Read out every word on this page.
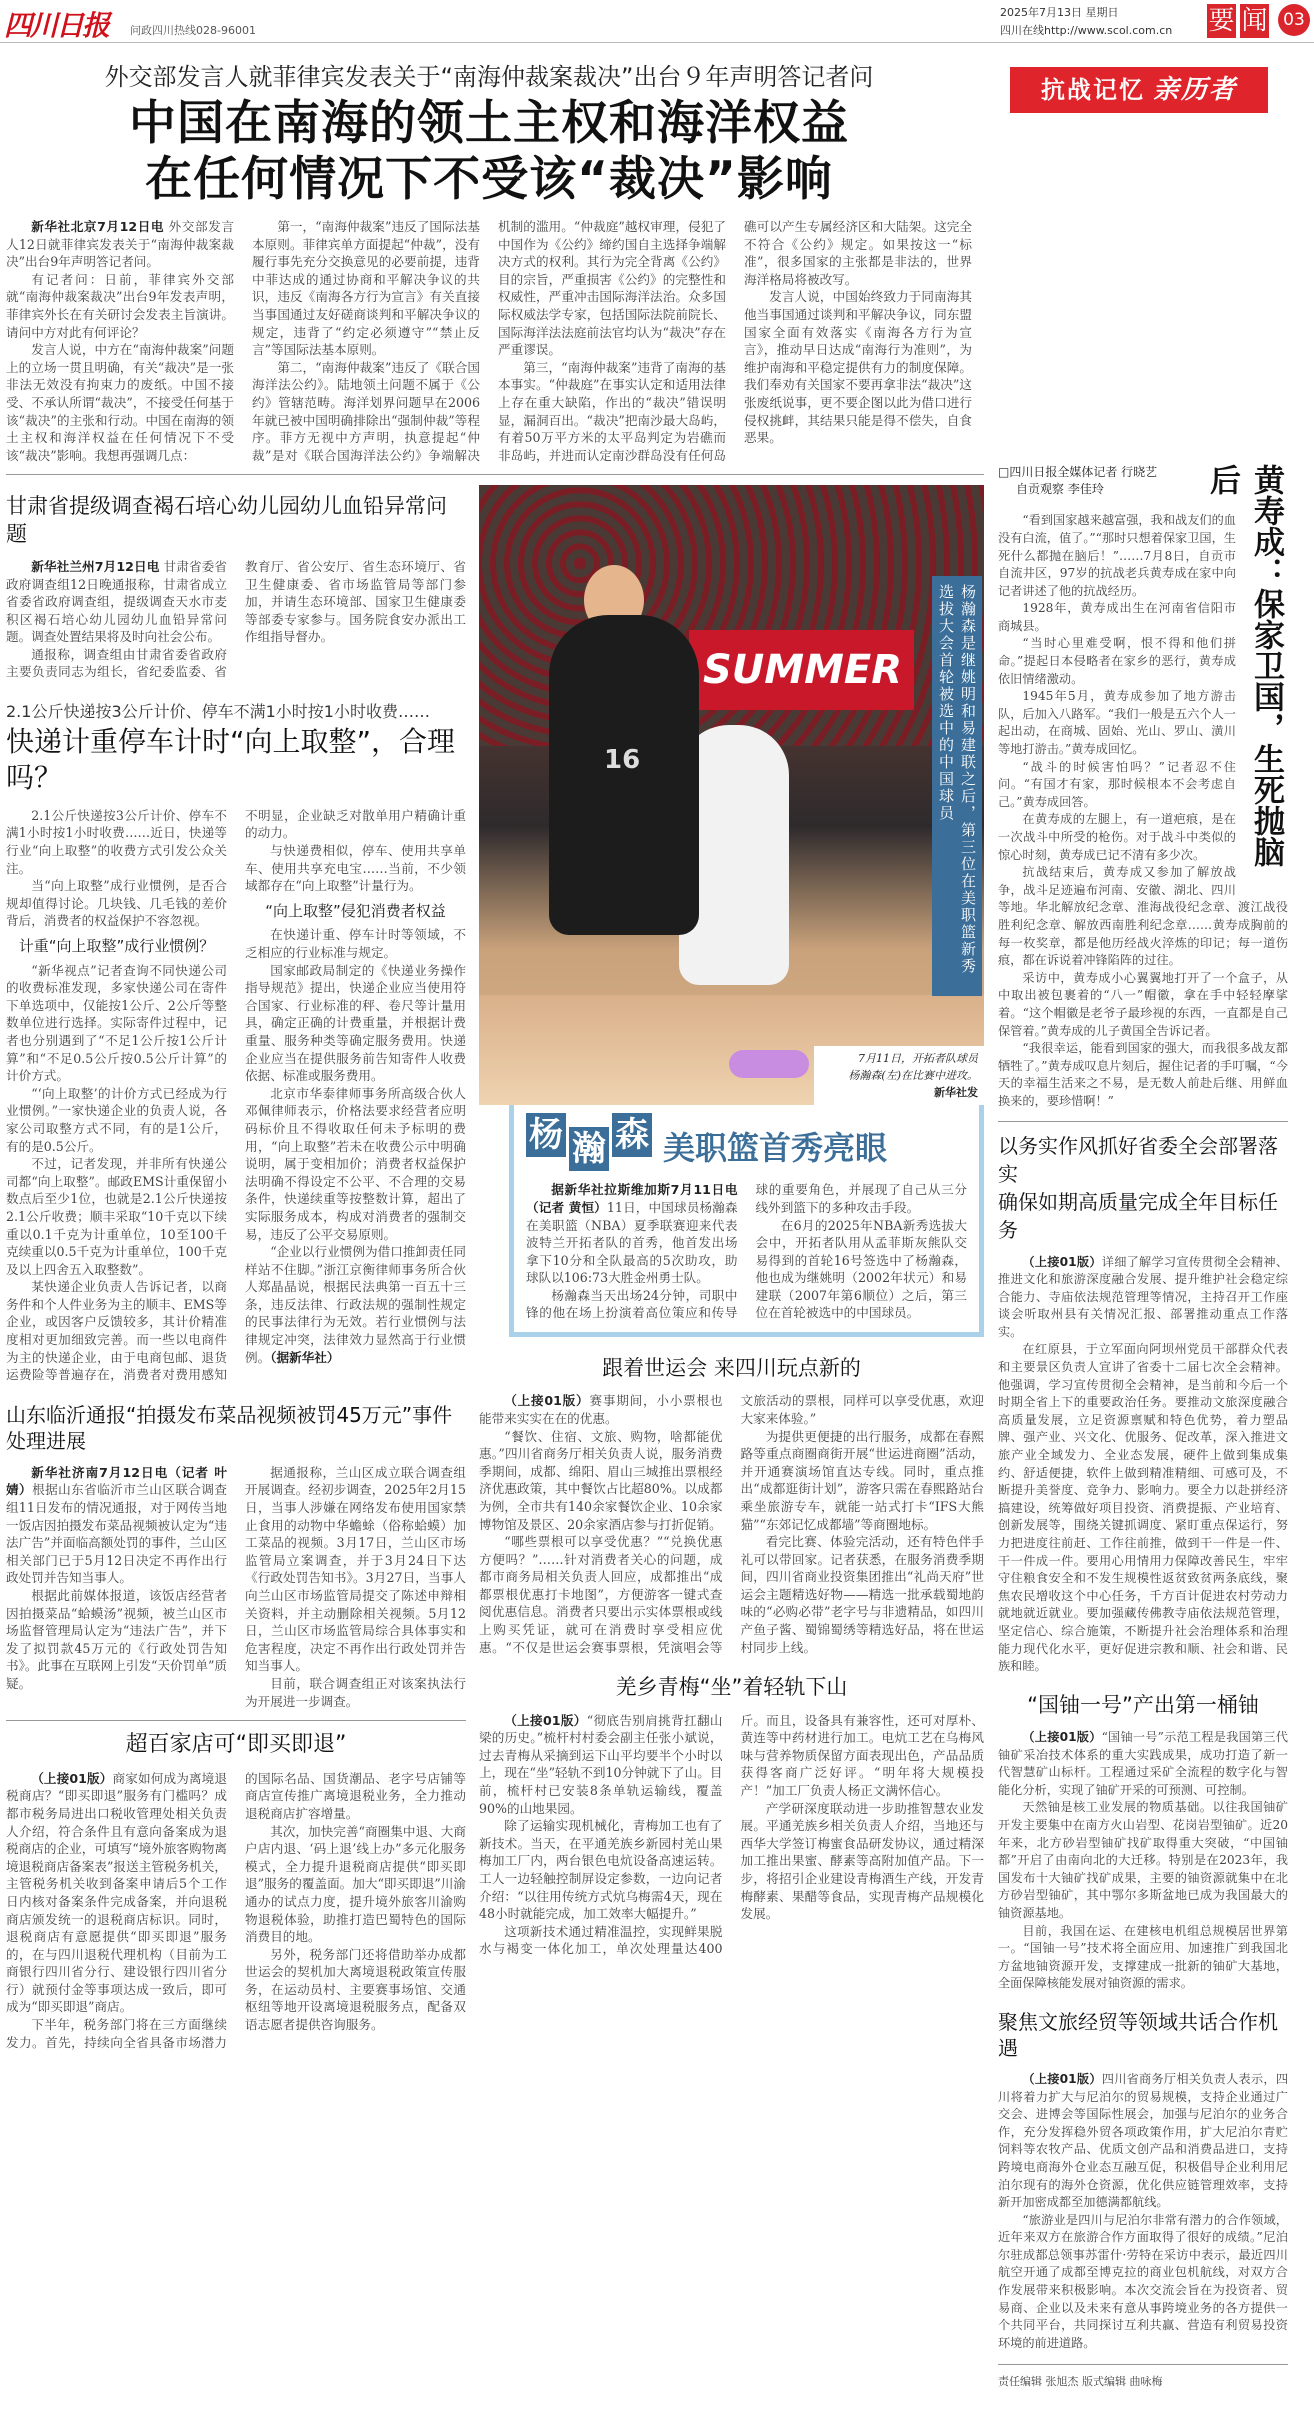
四川日报 问政四川热线028-96001
2025年7月13日 星期日
四川在线http://www.scol.com.cn 要 闻 03
外交部发言人就菲律宾发表关于“南海仲裁案裁决”出台９年声明答记者问
中国在南海的领土主权和海洋权益
在任何情况下不受该“裁决”影响

新华社北京7月12日电 外交部发言人12日就菲律宾发表关于“南海仲裁案裁决”出台9年声明答记者问。

有记者问：日前，菲律宾外交部就“南海仲裁案裁决”出台9年发表声明，菲律宾外长在有关研讨会发表主旨演讲。请问中方对此有何评论？

发言人说，中方在“南海仲裁案”问题上的立场一贯且明确，有关“裁决”是一张非法无效没有拘束力的废纸。中国不接受、不承认所谓“裁决”，不接受任何基于该“裁决”的主张和行动。中国在南海的领土主权和海洋权益在任何情况下不受该“裁决”影响。我想再强调几点：

第一，“南海仲裁案”违反了国际法基本原则。菲律宾单方面提起“仲裁”，没有履行事先充分交换意见的必要前提，违背中菲达成的通过协商和平解决争议的共识，违反《南海各方行为宣言》有关直接当事国通过友好磋商谈判和平解决争议的规定，违背了“约定必须遵守”“禁止反言”等国际法基本原则。

第二，“南海仲裁案”违反了《联合国海洋法公约》。陆地领土问题不属于《公约》管辖范畴。海洋划界问题早在2006年就已被中国明确排除出“强制仲裁”等程序。菲方无视中方声明，执意提起“仲裁”是对《联合国海洋法公约》争端解决机制的滥用。“仲裁庭”越权审理，侵犯了中国作为《公约》缔约国自主选择争端解决方式的权利。其行为完全背离《公约》目的宗旨，严重损害《公约》的完整性和权威性，严重冲击国际海洋法治。众多国际权威法学专家，包括国际法院前院长、国际海洋法法庭前法官均认为“裁决”存在严重谬误。

第三，“南海仲裁案”违背了南海的基本事实。“仲裁庭”在事实认定和适用法律上存在重大缺陷，作出的“裁决”错误明显，漏洞百出。“裁决”把南沙最大岛屿，有着50万平方米的太平岛判定为岩礁而非岛屿，并进而认定南沙群岛没有任何岛礁可以产生专属经济区和大陆架。这完全不符合《公约》规定。如果按这一“标准”，很多国家的主张都是非法的，世界海洋格局将被改写。

发言人说，中国始终致力于同南海其他当事国通过谈判和平解决争议，同东盟国家全面有效落实《南海各方行为宣言》，推动早日达成“南海行为准则”，为维护南海和平稳定提供有力的制度保障。我们奉劝有关国家不要再拿非法“裁决”这张废纸说事，更不要企图以此为借口进行侵权挑衅，其结果只能是得不偿失，自食恶果。

抗战记忆 亲历者
甘肃省提级调查褐石培心幼儿园幼儿血铅异常问题

新华社兰州7月12日电 甘肃省委省政府调查组12日晚通报称，甘肃省成立省委省政府调查组，提级调查天水市麦积区褐石培心幼儿园幼儿血铅异常问题。调查处置结果将及时向社会公布。

通报称，调查组由甘肃省委省政府主要负责同志为组长，省纪委监委、省教育厅、省公安厅、省生态环境厅、省卫生健康委、省市场监管局等部门参加，并请生态环境部、国家卫生健康委等部委专家参与。国务院食安办派出工作组指导督办。

2.1公斤快递按3公斤计价、停车不满1小时按1小时收费……
快递计重停车计时“向上取整”，合理吗？

2.1公斤快递按3公斤计价、停车不满1小时按1小时收费……近日，快递等行业“向上取整”的收费方式引发公众关注。

当“向上取整”成行业惯例，是否合规却值得讨论。几块钱、几毛钱的差价背后，消费者的权益保护不容忽视。

计重“向上取整”成行业惯例？

“新华视点”记者查询不同快递公司的收费标准发现，多家快递公司在寄件下单选项中，仅能按1公斤、2公斤等整数单位进行选择。实际寄件过程中，记者也分别遇到了“不足1公斤按1公斤计算”和“不足0.5公斤按0.5公斤计算”的计价方式。

“‘向上取整’的计价方式已经成为行业惯例。”一家快递企业的负责人说，各家公司取整方式不同，有的是1公斤，有的是0.5公斤。

不过，记者发现，并非所有快递公司都“向上取整”。邮政EMS计重保留小数点后至少1位，也就是2.1公斤快递按2.1公斤收费；顺丰采取“10千克以下续重以0.1千克为计重单位，10至100千克续重以0.5千克为计重单位，100千克及以上四舍五入取整数”。

某快递企业负责人告诉记者，以商务件和个人件业务为主的顺丰、EMS等企业，或因客户反馈较多，其计价精准度相对更加细致完善。而一些以电商件为主的快递企业，由于电商包邮、退货运费险等普遍存在，消费者对费用感知不明显，企业缺乏对散单用户精确计重的动力。

与快递费相似，停车、使用共享单车、使用共享充电宝……当前，不少领域都存在“向上取整”计量行为。

“向上取整”侵犯消费者权益

在快递计重、停车计时等领域，不乏相应的行业标准与规定。

国家邮政局制定的《快递业务操作指导规范》提出，快递企业应当使用符合国家、行业标准的秤、卷尺等计量用具，确定正确的计费重量，并根据计费重量、服务种类等确定服务费用。快递企业应当在提供服务前告知寄件人收费依据、标准或服务费用。

北京市华泰律师事务所高级合伙人邓佩律师表示，价格法要求经营者应明码标价且不得收取任何未予标明的费用，“向上取整”若未在收费公示中明确说明，属于变相加价；消费者权益保护法明确不得设定不公平、不合理的交易条件，快递续重等按整数计算，超出了实际服务成本，构成对消费者的强制交易，违反了公平交易原则。

“企业以行业惯例为借口推卸责任同样站不住脚。”浙江京衡律师事务所合伙人郑晶晶说，根据民法典第一百五十三条，违反法律、行政法规的强制性规定的民事法律行为无效。若行业惯例与法律规定冲突，法律效力显然高于行业惯例。（据新华社）

山东临沂通报“拍摄发布菜品视频被罚45万元”事件处理进展

新华社济南7月12日电（记者 叶婧）根据山东省临沂市兰山区联合调查组11日发布的情况通报，对于网传当地一饭店因拍摄发布菜品视频被认定为“违法广告”并面临高额处罚的事件，兰山区相关部门已于5月12日决定不再作出行政处罚并告知当事人。

根据此前媒体报道，该饭店经营者因拍摄菜品“蛤蟆汤”视频，被兰山区市场监督管理局认定为“违法广告”，并下发了拟罚款45万元的《行政处罚告知书》。此事在互联网上引发“天价罚单”质疑。

据通报称，兰山区成立联合调查组开展调查。经初步调查，2025年2月15日，当事人涉嫌在网络发布使用国家禁止食用的动物中华蟾蜍（俗称蛤蟆）加工菜品的视频。3月17日，兰山区市场监管局立案调查，并于3月24日下达《行政处罚告知书》。3月27日，当事人向兰山区市场监管局提交了陈述申辩相关资料，并主动删除相关视频。5月12日，兰山区市场监管局综合具体事实和危害程度，决定不再作出行政处罚并告知当事人。

目前，联合调查组正对该案执法行为开展进一步调查。

超百家店可“即买即退”

（上接01版）商家如何成为离境退税商店？“即买即退”服务有门槛吗？成都市税务局进出口税收管理处相关负责人介绍，符合条件且有意向备案成为退税商店的企业，可填写“境外旅客购物离境退税商店备案表”报送主管税务机关，主管税务机关收到备案申请后5个工作日内核对备案条件完成备案，并向退税商店颁发统一的退税商店标识。同时，退税商店有意愿提供“即买即退”服务的，在与四川退税代理机构（目前为工商银行四川省分行、建设银行四川省分行）就预付金等事项达成一致后，即可成为“即买即退”商店。

下半年，税务部门将在三方面继续发力。首先，持续向全省具备市场潜力的国际名品、国货潮品、老字号店铺等商店宣传推广离境退税业务，全力推动退税商店扩容增量。

其次，加快完善“商圈集中退、大商户店内退、‘码上退’线上办”多元化服务模式，全力提升退税商店提供“即买即退”服务的覆盖面。加大“即买即退”川渝通办的试点力度，提升境外旅客川渝购物退税体验，助推打造巴蜀特色的国际消费目的地。

另外，税务部门还将借助举办成都世运会的契机加大离境退税政策宣传服务，在运动员村、主要赛事场馆、交通枢纽等地开设离境退税服务点，配备双语志愿者提供咨询服务。

SUMMER
16	杨瀚森是继姚明和易建联之后，第三位在美职篮新秀选拔大会首轮被选中的中国球员
7月11日，开拓者队球员
杨瀚森(左)在比赛中进攻。
新华社发
杨 瀚 森 美职篮首秀亮眼

据新华社拉斯维加斯7月11日电（记者 黄恒）11日，中国球员杨瀚森在美职篮（NBA）夏季联赛迎来代表波特兰开拓者队的首秀，他首发出场拿下10分和全队最高的5次助攻，助球队以106:73大胜金州勇士队。

杨瀚森当天出场24分钟，司职中锋的他在场上扮演着高位策应和传导球的重要角色，并展现了自己从三分线外到篮下的多种攻击手段。

在6月的2025年NBA新秀选拔大会中，开拓者队用从孟菲斯灰熊队交易得到的首轮16号签选中了杨瀚森，他也成为继姚明（2002年状元）和易建联（2007年第6顺位）之后，第三位在首轮被选中的中国球员。

跟着世运会 来四川玩点新的

（上接01版）赛事期间，小小票根也能带来实实在在的优惠。

“餐饮、住宿、文旅、购物，啥都能优惠。”四川省商务厅相关负责人说，服务消费季期间，成都、绵阳、眉山三城推出票根经济优惠政策，其中餐饮占比超80%。以成都为例，全市共有140余家餐饮企业、10余家博物馆及景区、20余家酒店参与打折促销。

“哪些票根可以享受优惠？”“兑换优惠方便吗？”……针对消费者关心的问题，成都市商务局相关负责人回应，成都推出“成都票根优惠打卡地图”，方便游客一键式查阅优惠信息。消费者只要出示实体票根或线上购买凭证，就可在消费时享受相应优惠。“不仅是世运会赛事票根，凭演唱会等文旅活动的票根，同样可以享受优惠，欢迎大家来体验。”

为提供更便捷的出行服务，成都在春熙路等重点商圈商街开展“世运进商圈”活动，并开通赛演场馆直达专线。同时，重点推出“成都逛街计划”，游客只需在春熙路站台乘坐旅游专车，就能一站式打卡“IFS大熊猫”“东郊记忆成都墙”等商圈地标。

看完比赛、体验完活动，还有特色伴手礼可以带回家。记者获悉，在服务消费季期间，四川省商业投资集团推出“礼尚天府”世运会主题精选好物——精选一批承载蜀地韵味的“必购必带”老字号与非遗精品，如四川产鱼子酱、蜀锦蜀绣等精选好品，将在世运村同步上线。

羌乡青梅“坐”着轻轨下山

（上接01版）“彻底告别肩挑背扛翻山梁的历史。”梳杆村村委会副主任张小斌说，过去青梅从采摘到运下山平均要半个小时以上，现在“坐”轻轨不到10分钟就下了山。目前，梳杆村已安装8条单轨运输线，覆盖90%的山地果园。

除了运输实现机械化，青梅加工也有了新技术。当天，在平通羌族乡新园村羌山果梅加工厂内，两台银色电炕设备高速运转。工人一边轻触控制屏设定参数，一边向记者介绍：“以往用传统方式炕乌梅需4天，现在48小时就能完成，加工效率大幅提升。”

这项新技术通过精准温控，实现鲜果脱水与褐变一体化加工，单次处理量达400斤。而且，设备具有兼容性，还可对厚朴、黄连等中药材进行加工。电炕工艺在乌梅风味与营养物质保留方面表现出色，产品品质获得客商广泛好评。“明年将大规模投产！”加工厂负责人杨正文满怀信心。

产学研深度联动进一步助推智慧农业发展。平通羌族乡相关负责人介绍，当地还与西华大学签订梅蜜食品研发协议，通过精深加工推出果蜜、酵素等高附加值产品。下一步，将招引企业建设青梅酒生产线，开发青梅酵素、果醋等食品，实现青梅产品规模化发展。

黄寿成：保家卫国，生死抛脑后
□四川日报全媒体记者 行晓艺
自贡观察 李佳玲

“看到国家越来越富强，我和战友们的血没有白流，值了。”“那时只想着保家卫国，生死什么都抛在脑后！”……7月8日，自贡市自流井区，97岁的抗战老兵黄寿成在家中向记者讲述了他的抗战经历。

1928年，黄寿成出生在河南省信阳市商城县。

“当时心里难受啊，恨不得和他们拼命。”提起日本侵略者在家乡的恶行，黄寿成依旧情绪激动。

1945年5月，黄寿成参加了地方游击队，后加入八路军。“我们一般是五六个人一起出动，在商城、固始、光山、罗山、潢川等地打游击。”黄寿成回忆。

“战斗的时候害怕吗？”记者忍不住问。“有国才有家，那时候根本不会考虑自己。”黄寿成回答。

在黄寿成的左腿上，有一道疤痕，是在一次战斗中所受的枪伤。对于战斗中类似的惊心时刻，黄寿成已记不清有多少次。

抗战结束后，黄寿成又参加了解放战争，战斗足迹遍布河南、安徽、湖北、四川等地。华北解放纪念章、淮海战役纪念章、渡江战役胜利纪念章、解放西南胜利纪念章……黄寿成胸前的每一枚奖章，都是他历经战火淬炼的印记；每一道伤痕，都在诉说着冲锋陷阵的过往。

采访中，黄寿成小心翼翼地打开了一个盒子，从中取出被包裹着的“八一”帽徽，拿在手中轻轻摩挲着。“这个帽徽是老爷子最珍视的东西，一直都是自己保管着。”黄寿成的儿子黄国全告诉记者。

“我很幸运，能看到国家的强大，而我很多战友都牺牲了。”黄寿成叹息片刻后，握住记者的手叮嘱，“今天的幸福生活来之不易，是无数人前赴后继、用鲜血换来的，要珍惜啊！”

以务实作风抓好省委全会部署落实
确保如期高质量完成全年目标任务

（上接01版）详细了解学习宣传贯彻全会精神、推进文化和旅游深度融合发展、提升维护社会稳定综合能力、寺庙依法规范管理等情况，主持召开工作座谈会听取州县有关情况汇报、部署推动重点工作落实。

在红原县，于立军面向阿坝州党员干部群众代表和主要景区负责人宣讲了省委十二届七次全会精神。他强调，学习宣传贯彻全会精神，是当前和今后一个时期全省上下的重要政治任务。要推动文旅深度融合高质量发展，立足资源禀赋和特色优势，着力塑品牌、强产业、兴文化、优服务、促改革，深入推进文旅产业全域发力、全业态发展，硬件上做到集成集约、舒适便捷，软件上做到精准精细、可感可及，不断提升美誉度、竞争力、影响力。要全力以赴拼经济搞建设，统筹做好项目投资、消费提振、产业培育、创新发展等，围绕关键抓调度、紧盯重点保运行，努力把进度往前赶、工作往前推，做到干一件是一件、干一件成一件。要用心用情用力保障改善民生，牢牢守住粮食安全和不发生规模性返贫致贫两条底线，聚焦农民增收这个中心任务，千方百计促进农村劳动力就地就近就业。要加强藏传佛教寺庙依法规范管理，坚定信心、综合施策，不断提升社会治理体系和治理能力现代化水平，更好促进宗教和顺、社会和谐、民族和睦。

“国铀一号”产出第一桶铀

（上接01版）“国铀一号”示范工程是我国第三代铀矿采冶技术体系的重大实践成果，成功打造了新一代智慧矿山标杆。工程通过采矿全流程的数字化与智能化分析，实现了铀矿开采的可预测、可控制。

天然铀是核工业发展的物质基础。以往我国铀矿开发主要集中在南方火山岩型、花岗岩型铀矿。近20年来，北方砂岩型铀矿找矿取得重大突破，“中国铀都”开启了由南向北的大迁移。特别是在2023年，我国发布十大铀矿找矿成果，主要的铀资源就集中在北方砂岩型铀矿，其中鄂尔多斯盆地已成为我国最大的铀资源基地。

目前，我国在运、在建核电机组总规模居世界第一。“国铀一号”技术将全面应用、加速推广到我国北方盆地铀资源开发，支撑建成一批新的铀矿大基地，全面保障核能发展对铀资源的需求。

聚焦文旅经贸等领域共话合作机遇

（上接01版）四川省商务厅相关负责人表示，四川将着力扩大与尼泊尔的贸易规模，支持企业通过广交会、进博会等国际性展会，加强与尼泊尔的业务合作，充分发挥稳外贸各项政策作用，扩大尼泊尔青贮饲料等农牧产品、优质文创产品和消费品进口，支持跨境电商海外仓业态互融互促，积极倡导企业利用尼泊尔现有的海外仓资源，优化供应链管理效率，支持新开加密成都至加德满都航线。

“旅游业是四川与尼泊尔非常有潜力的合作领域，近年来双方在旅游合作方面取得了很好的成绩。”尼泊尔驻成都总领事苏雷什·劳特在采访中表示，最近四川航空开通了成都至博克拉的商业包机航线，对双方合作发展带来积极影响。本次交流会旨在为投资者、贸易商、企业以及未来有意从事跨境业务的各方提供一个共同平台，共同探讨互利共赢、营造有利贸易投资环境的前进道路。

责任编辑 张旭杰 版式编辑 曲咏梅
